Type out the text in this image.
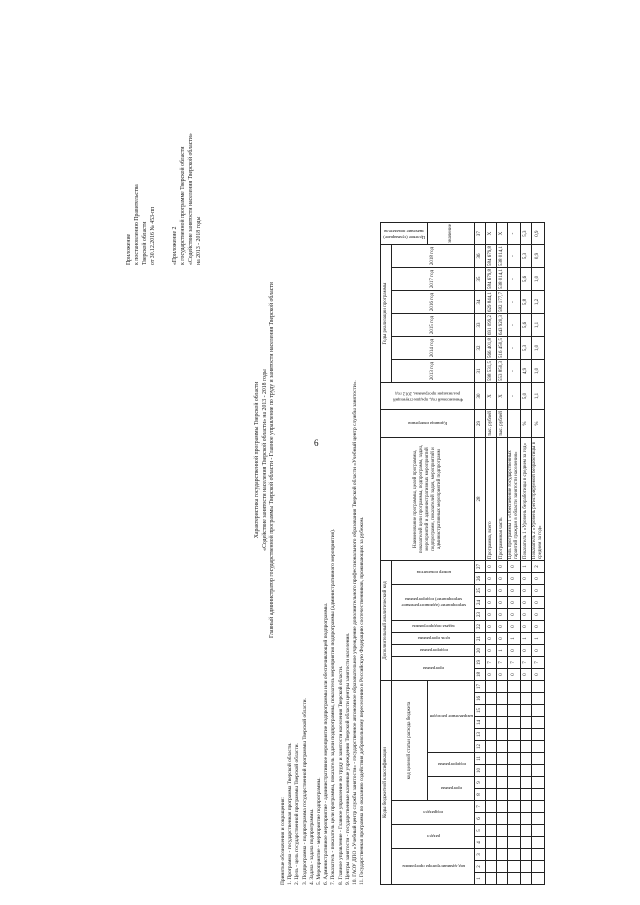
6
Приложение к постановлению Правительства Тверской области от 30.12.2016 № 453-пп	«Приложение 2 к государственной программе Тверской области «Содействие занятости населения Тверской области» на 2013 - 2018 годы
Характеристика государственной программы Тверской области «Содействие занятости населения Тверской области» на 2013 - 2018 годы Главный администратор государственной программы Тверской области - Главное управление по труду и занятости населения Тверской области
Принятые обозначения и сокращения: 1. Программа - государственная программа Тверской области. 2. Цель - цель государственной программы Тверской области. 3. Подпрограмма - подпрограмма государственной программы Тверской области. 4. Задача - задача подпрограммы. 5. Мероприятие - мероприятие подпрограммы. 6. Административное мероприятие - административное мероприятие подпрограммы или обеспечивающей подпрограммы. 7. Показатель - показатель цели программы, показатель задачи подпрограммы, показатель мероприятия подпрограммы (административного мероприятия). 8. Главное управление - Главное управление по труду и занятости населения Тверской области. 9. Центры занятости - государственные казенные учреждения Тверской области центры занятости населения. 10. ГАОУ ДПО «Учебный центр службы занятости» - государственное автономное образовательное учреждение дополнительного профессионального образования Тверской области «Учебный центр службы занятости». 11. Государственная программа по оказанию содействия добровольному переселению в Российскую Федерацию соотечественников, проживающих за рубежом.	Коды бюджетной классификации																	Дополнительный аналитический код										Наименование программы, целей программы, показателей цели программы, подпрограмм, задач, мероприятий и административных мероприятий подпрограмм, показателей задач, мероприятий и административных мероприятий подпрограмм	Единица измерения	Финансовый год, предшествующий реализации программы, 2012 год	Годы реализации программы						Целевое (суммарное) значение показателя
код администратора программы			раздел		подраздел		код целевой статьи расхода бюджета										программа		подпрограмма	цель программы	задача подпрограммы	мероприятие (административное мероприятие) подпрограммы			номер показателя					2013 год	2014 год	2015 год	2016 год	2017 год	2018 год	
							программа		подпрограмма		направление расходов																									значение
1	2	3	4	5	6	7	8	9	10	11	12	13	14	15	16	17	18	19	20	21	22	23	24	25	26	27	28	29	30	31	32	33	34	35	36	37
																	0	7	0	0	0	0	0	0	0	0	Программа, всего	тыс. рублей	X	598 531,5	566 401,8	691 099,2	629 844,1	584 679,8	584 679,8	X
																	0	7	1	0	0	0	0	0	0	0	Программная часть	тыс. рублей	X	553 850,3	516 450,5	643 920,3	582 177,7	538 014,1	538 014,1	X
																	0	7	0	1	0	0	0	0	0	0	Цель программы 1 «Обеспечение государственных гарантий граждан в области занятости населения»		-	-	-	-	-	-	-	-
																	0	7	0	1	0	0	0	0	0	1	Показатель 1 «Уровень безработицы в среднем за год»	%	5,0	4,9	5,3	5,6	5,8	5,6	5,3	5,3
																	0	7	0	1	0	0	0	0	0	2	Показатель 2 «Уровень регистрируемой безработицы в среднем за год»	%	1,1	1,0	1,0	1,1	1,2	1,0	0,9	0,9
